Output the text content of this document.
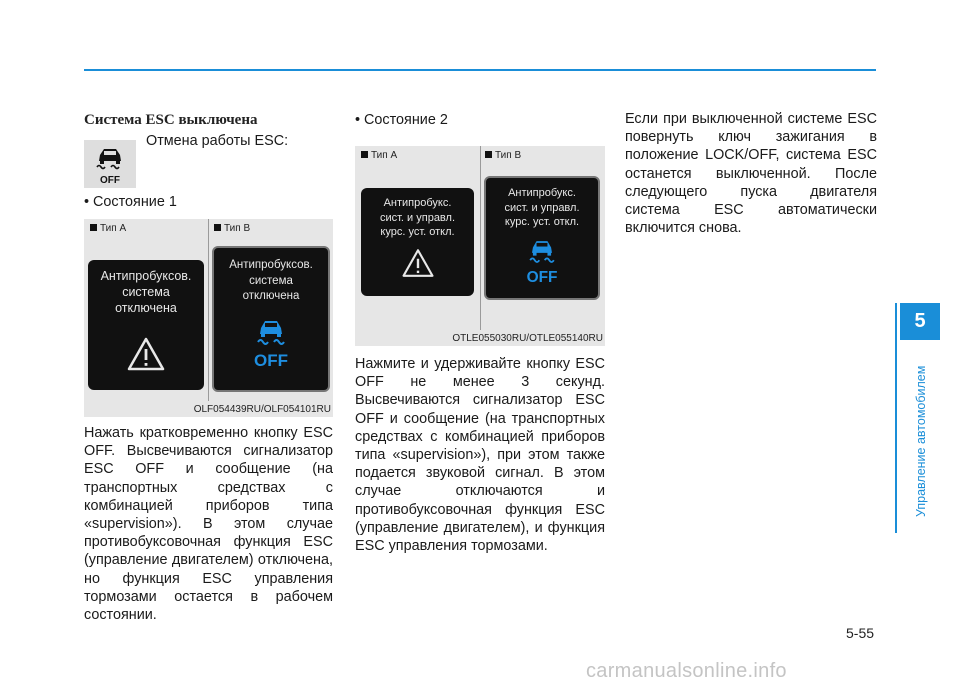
Система ESC выключена
OFF
Отмена работы ESC:
• Состояние 1
Тип А	Тип В
Антипробуксов.
система
отключена
Антипробуксов.
система
отключена
OFF
OLF054439RU/OLF054101RU
Нажать кратковременно кнопку ESC OFF. Высвечиваются сигнализатор ESC OFF и сообщение (на транспортных средствах с комбинацией приборов типа «supervision»). В этом случае противобуксовочная функция ESC (управление двигателем) отключена, но функция ESC управления тормозами остается в рабочем состоянии.
• Состояние 2
Тип А	Тип В
Антипробукс.
сист. и управл.
курс. уст. откл.
Антипробукс.
сист. и управл.
курс. уст. откл.
OFF
OTLE055030RU/OTLE055140RU
Нажмите и удерживайте кнопку ESC OFF не менее 3 секунд. Высвечиваются сигнализатор ESC OFF и сообщение (на транспортных средствах с комбинацией приборов типа «supervision»), при этом также подается звуковой сигнал. В этом случае отключаются и противобуксовочная функция ESC (управление двигателем), и функция ESC управления тормозами.
Если при выключенной системе ESC повернуть ключ зажигания в положение LOCK/OFF, система ESC останется выключенной. После следующего пуска двигателя система ESC автоматически включится снова.
5
Управление автомобилем
5-55
carmanualsonline.info
